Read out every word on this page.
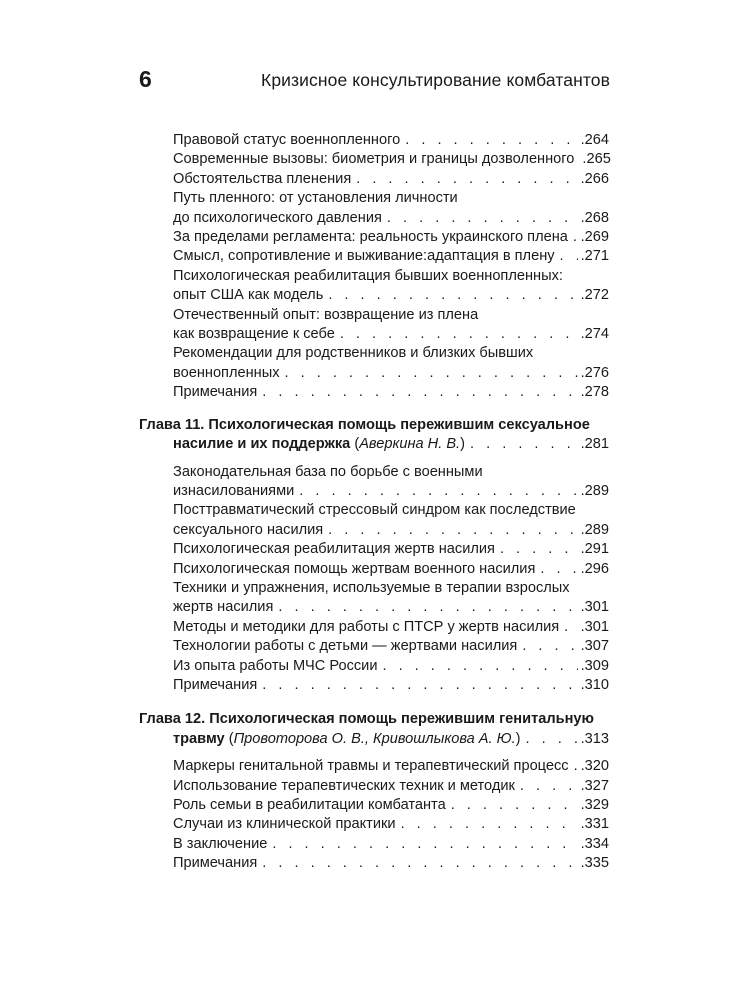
6	Кризисное консультирование комбатантов
Правовой статус военнопленного . . .	.264
Современные вызовы: биометрия и границы дозволенного .265
Обстоятельства пленения . . .	.266
Путь пленного: от установления личности
до психологического давления . . .	.268
За пределами регламента: реальность украинского плена . . . .269
Смысл, сопротивление и выживание:адаптация в плену . . . .271
Психологическая реабилитация бывших военнопленных:
опыт США как модель . . .	.272
Отечественный опыт: возвращение из плена
как возвращение к себе . . .	.274
Рекомендации для родственников и близких бывших
военнопленных . . .	.276
Примечания . . .	.278
Глава 11. Психологическая помощь пережившим сексуальное
насилие и их поддержка (Аверкина Н. В.) . . .	.281
Законодательная база по борьбе с военными
изнасилованиями . . .	.289
Посттравматический стрессовый синдром как последствие
сексуального насилия . . .	.289
Психологическая реабилитация жертв насилия . . .	.291
Психологическая помощь жертвам военного насилия . . .	.296
Техники и упражнения, используемые в терапии взрослых
жертв насилия . . .	.301
Методы и методики для работы с ПТСР у жертв насилия . . . .301
Технологии работы с детьми — жертвами насилия . . .	.307
Из опыта работы МЧС России . . .	.309
Примечания . . .	.310
Глава 12. Психологическая помощь пережившим генитальную
травму (Провоторова О. В., Кривошлыкова А. Ю.) . . .	.313
Маркеры генитальной травмы и терапевтический процесс . . . .320
Использование терапевтических техник и методик . . .	.327
Роль семьи в реабилитации комбатанта . . .	.329
Случаи из клинической практики . . .	.331
В заключение . . .	.334
Примечания . . .	.335
